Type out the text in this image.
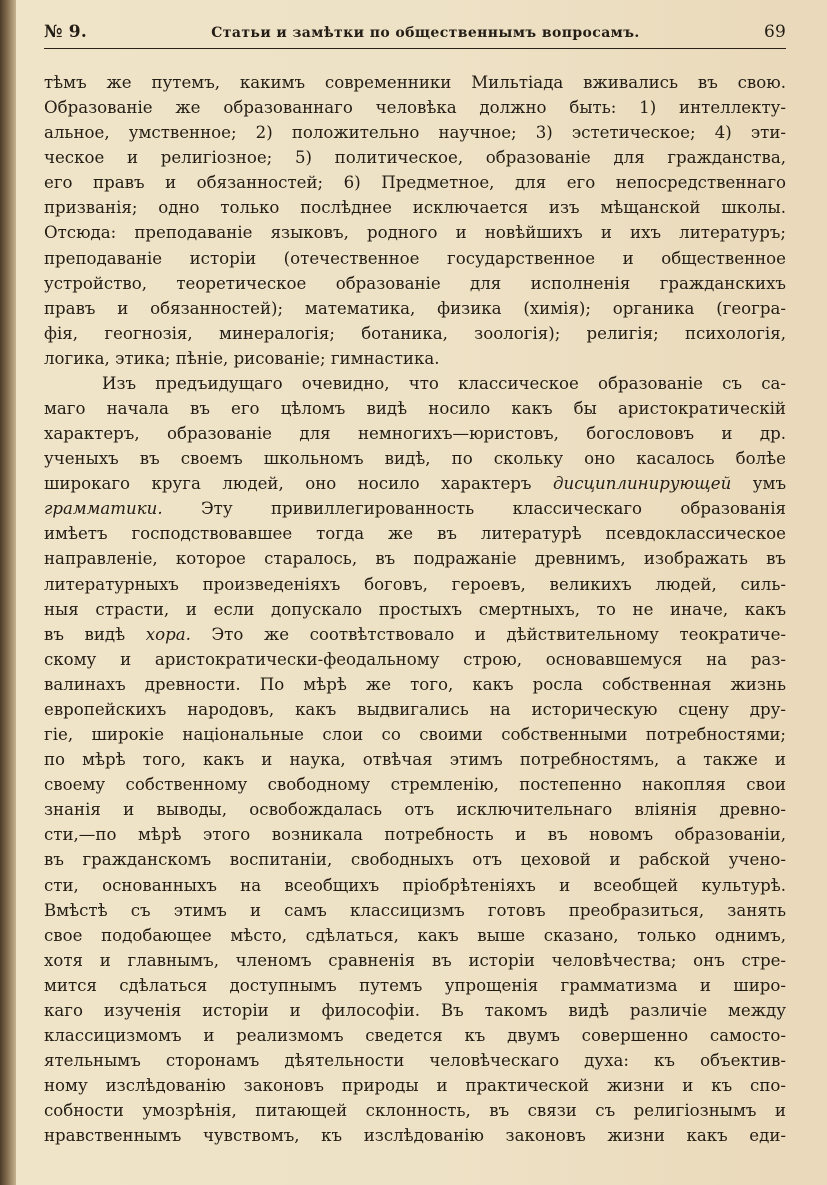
№ 9.	Статьи и замѣтки по общественнымъ вопросамъ.	69
тѣмъ же путемъ, какимъ современники Мильтіада вживались въ свою.
Образованіе же образованнаго человѣка должно быть: 1) интеллекту-
альное, умственное; 2) положительно научное; 3) эстетическое; 4) эти-
ческое и религіозное; 5) политическое, образованіе для гражданства,
его правъ и обязанностей; 6) Предметное, для его непосредственнаго
призванія; одно только послѣднее исключается изъ мѣщанской школы.
Отсюда: преподаваніе языковъ, родного и новѣйшихъ и ихъ литературъ;
преподаваніе исторіи (отечественное государственное и общественное
устройство, теоретическое образованіе для исполненія гражданскихъ
правъ и обязанностей); математика, физика (химія); органика (геогра-
фія, геогнозія, минералогія; ботаника, зоологія); религія; психологія,
логика, этика; пѣніе, рисованіе; гимнастика.
Изъ предъидущаго очевидно, что классическое образованіе съ са-
маго начала въ его цѣломъ видѣ носило какъ бы аристократическій
характеръ, образованіе для немногихъ—юристовъ, богослововъ и др.
ученыхъ въ своемъ школьномъ видѣ, по скольку оно касалось болѣе
широкаго круга людей, оно носило характеръ дисциплинирующей умъ
грамматики. Эту привиллегированность классическаго образованія
имѣетъ господствовавшее тогда же въ литературѣ псевдоклассическое
направленіе, которое старалось, въ подражаніе древнимъ, изображать въ
литературныхъ произведеніяхъ боговъ, героевъ, великихъ людей, силь-
ныя страсти, и если допускало простыхъ смертныхъ, то не иначе, какъ
въ видѣ хора. Это же соотвѣтствовало и дѣйствительному теократиче-
скому и аристократически-феодальному строю, основавшемуся на раз-
валинахъ древности. По мѣрѣ же того, какъ росла собственная жизнь
европейскихъ народовъ, какъ выдвигались на историческую сцену дру-
гіе, широкіе національные слои со своими собственными потребностями;
по мѣрѣ того, какъ и наука, отвѣчая этимъ потребностямъ, а также и
своему собственному свободному стремленію, постепенно накопляя свои
знанія и выводы, освобождалась отъ исключительнаго вліянія древно-
сти,—по мѣрѣ этого возникала потребность и въ новомъ образованіи,
въ гражданскомъ воспитаніи, свободныхъ отъ цеховой и рабской учено-
сти, основанныхъ на всеобщихъ пріобрѣтеніяхъ и всеобщей культурѣ.
Вмѣстѣ съ этимъ и самъ классицизмъ готовъ преобразиться, занять
свое подобающее мѣсто, сдѣлаться, какъ выше сказано, только однимъ,
хотя и главнымъ, членомъ сравненія въ исторіи человѣчества; онъ стре-
мится сдѣлаться доступнымъ путемъ упрощенія грамматизма и широ-
каго изученія исторіи и философіи. Въ такомъ видѣ различіе между
классицизмомъ и реализмомъ сведется къ двумъ совершенно самосто-
ятельнымъ сторонамъ дѣятельности человѣческаго духа: къ объектив-
ному изслѣдованію законовъ природы и практической жизни и къ спо-
собности умозрѣнія, питающей склонность, въ связи съ религіознымъ и
нравственнымъ чувствомъ, къ изслѣдованію законовъ жизни какъ еди-
